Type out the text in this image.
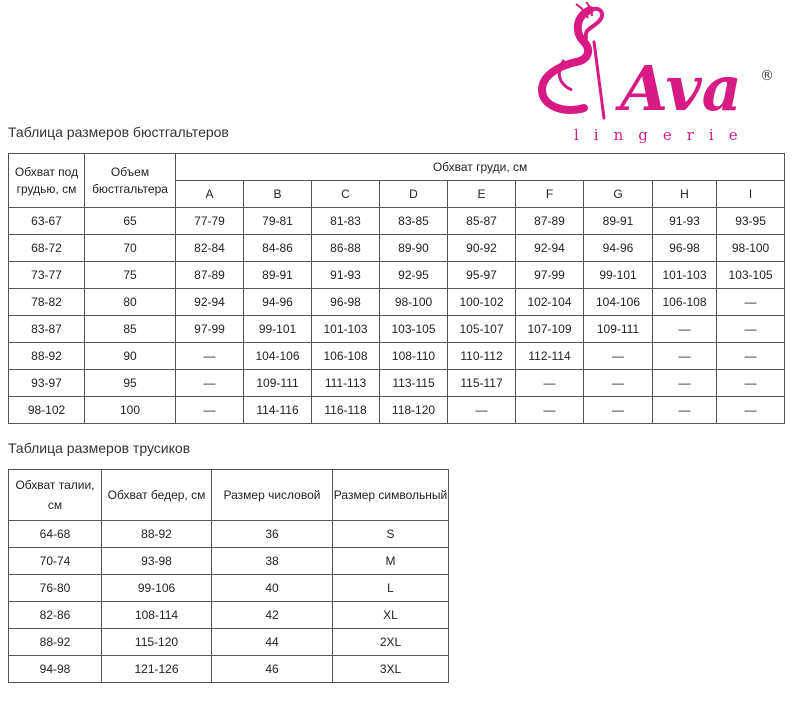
Ava ®
lingerie
Таблица размеров бюстгальтеров
Обхват под грудью, см	Объем бюстгальтера	Обхват груди, см								
		A	B	C	D	E	F	G	H	I
63-67	65	77-79	79-81	81-83	83-85	85-87	87-89	89-91	91-93	93-95
68-72	70	82-84	84-86	86-88	89-90	90-92	92-94	94-96	96-98	98-100
73-77	75	87-89	89-91	91-93	92-95	95-97	97-99	99-101	101-103	103-105
78-82	80	92-94	94-96	96-98	98-100	100-102	102-104	104-106	106-108	—
83-87	85	97-99	99-101	101-103	103-105	105-107	107-109	109-111	—	—
88-92	90	—	104-106	106-108	108-110	110-112	112-114	—	—	—
93-97	95	—	109-111	111-113	113-115	115-117	—	—	—	—
98-102	100	—	114-116	116-118	118-120	—	—	—	—	—
Таблица размеров трусиков
Обхват талии, см	Обхват бедер, см	Размер числовой	Размер символьный
64-68	88-92	36	S
70-74	93-98	38	M
76-80	99-106	40	L
82-86	108-114	42	XL
88-92	115-120	44	2XL
94-98	121-126	46	3XL
